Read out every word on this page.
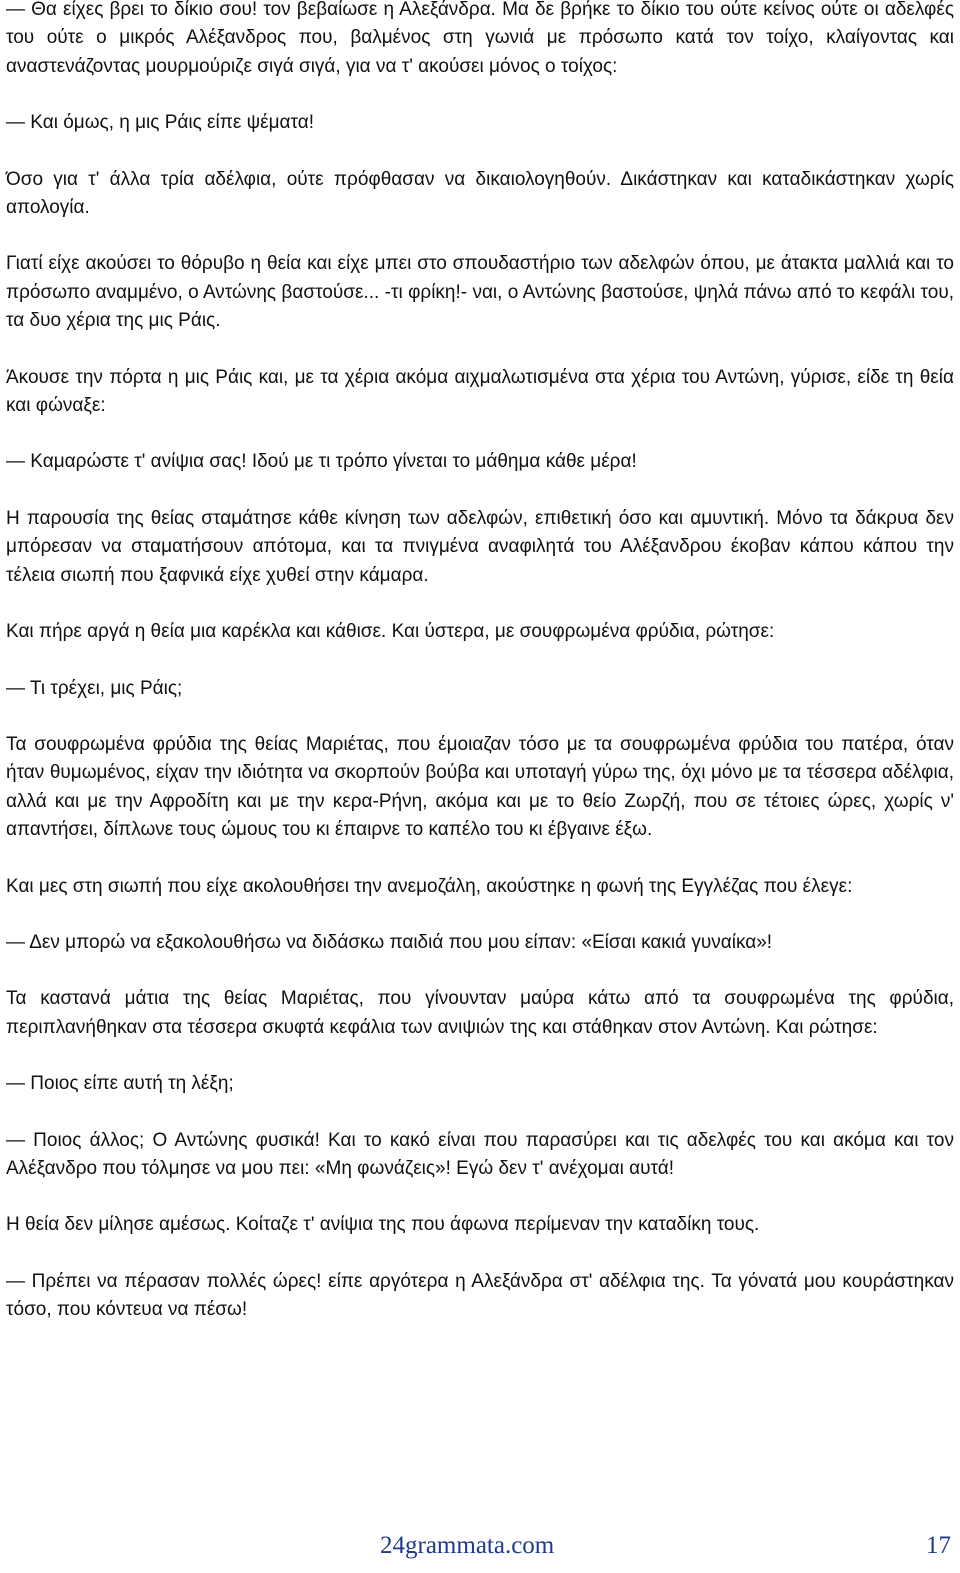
— Θα είχες βρει το δίκιο σου! τον βεβαίωσε η Αλεξάνδρα. Μα δε βρήκε το δίκιο του ούτε κείνος ούτε οι αδελφές του ούτε ο μικρός Αλέξανδρος που, βαλμένος στη γωνιά με πρόσωπο κατά τον τοίχο, κλαίγοντας και αναστενάζοντας μουρμούριζε σιγά σιγά, για να τ' ακούσει μόνος ο τοίχος:

— Και όμως, η μις Ράις είπε ψέματα!

Όσο για τ' άλλα τρία αδέλφια, ούτε πρόφθασαν να δικαιολογηθούν. Δικάστηκαν και καταδικάστηκαν χωρίς απολογία.

Γιατί είχε ακούσει το θόρυβο η θεία και είχε μπει στο σπουδαστήριο των αδελφών όπου, με άτακτα μαλλιά και το πρόσωπο αναμμένο, ο Αντώνης βαστούσε... -τι φρίκη!- ναι, ο Αντώνης βαστούσε, ψηλά πάνω από το κεφάλι του, τα δυο χέρια της μις Ράις.

Άκουσε την πόρτα η μις Ράις και, με τα χέρια ακόμα αιχμαλωτισμένα στα χέρια του Αντώνη, γύρισε, είδε τη θεία και φώναξε:

— Καμαρώστε τ' ανίψια σας! Ιδού με τι τρόπο γίνεται το μάθημα κάθε μέρα!

Η παρουσία της θείας σταμάτησε κάθε κίνηση των αδελφών, επιθετική όσο και αμυντική. Μόνο τα δάκρυα δεν μπόρεσαν να σταματήσουν απότομα, και τα πνιγμένα αναφιλητά του Αλέξανδρου έκοβαν κάπου κάπου την τέλεια σιωπή που ξαφνικά είχε χυθεί στην κάμαρα.

Και πήρε αργά η θεία μια καρέκλα και κάθισε. Και ύστερα, με σουφρωμένα φρύδια, ρώτησε:

— Τι τρέχει, μις Ράις;

Τα σουφρωμένα φρύδια της θείας Μαριέτας, που έμοιαζαν τόσο με τα σουφρωμένα φρύδια του πατέρα, όταν ήταν θυμωμένος, είχαν την ιδιότητα να σκορπούν βούβα και υποταγή γύρω της, όχι μόνο με τα τέσσερα αδέλφια, αλλά και με την Αφροδίτη και με την κερα-Ρήνη, ακόμα και με το θείο Ζωρζή, που σε τέτοιες ώρες, χωρίς ν' απαντήσει, δίπλωνε τους ώμους του κι έπαιρνε το καπέλο του κι έβγαινε έξω.

Και μες στη σιωπή που είχε ακολουθήσει την ανεμοζάλη, ακούστηκε η φωνή της Εγγλέζας που έλεγε:

— Δεν μπορώ να εξακολουθήσω να διδάσκω παιδιά που μου είπαν: «Είσαι κακιά γυναίκα»!

Τα καστανά μάτια της θείας Μαριέτας, που γίνουνταν μαύρα κάτω από τα σουφρωμένα της φρύδια, περιπλανήθηκαν στα τέσσερα σκυφτά κεφάλια των ανιψιών της και στάθηκαν στον Αντώνη. Και ρώτησε:

— Ποιος είπε αυτή τη λέξη;

— Ποιος άλλος; Ο Αντώνης φυσικά! Και το κακό είναι που παρασύρει και τις αδελφές του και ακόμα και τον Αλέξανδρο που τόλμησε να μου πει: «Μη φωνάζεις»! Εγώ δεν τ' ανέχομαι αυτά!

Η θεία δεν μίλησε αμέσως. Κοίταζε τ' ανίψια της που άφωνα περίμεναν την καταδίκη τους.

— Πρέπει να πέρασαν πολλές ώρες! είπε αργότερα η Αλεξάνδρα στ' αδέλφια της. Τα γόνατά μου κουράστηκαν τόσο, που κόντευα να πέσω!

24grammata.com	17
